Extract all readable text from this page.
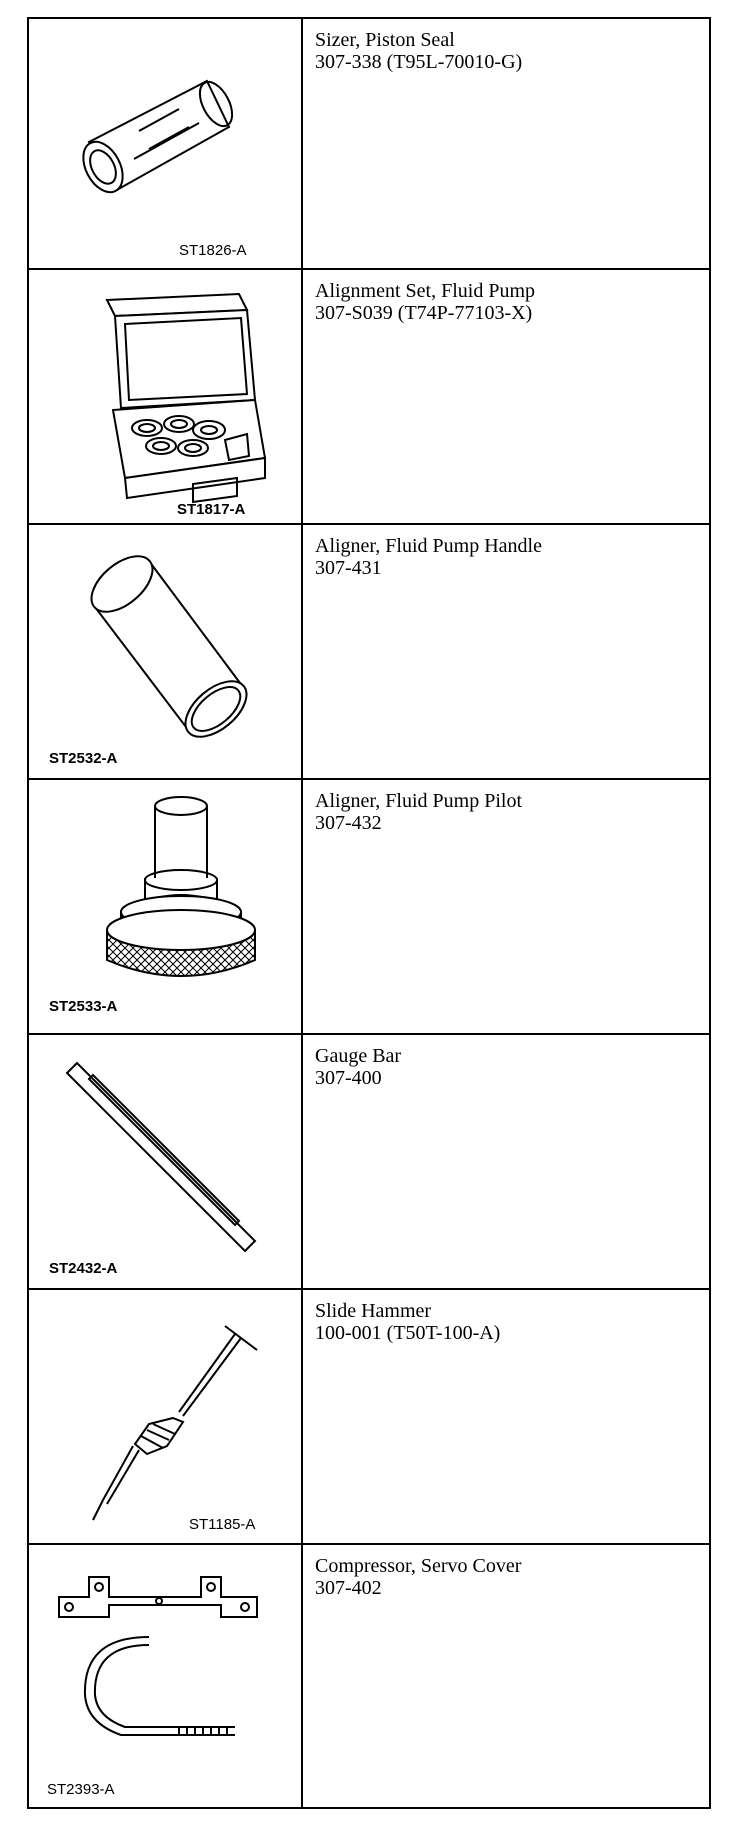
ST1826-A	Sizer, Piston Seal
307-338 (T95L-70010-G)

ST1817-A	Alignment Set, Fluid Pump
307-S039 (T74P-77103-X)

ST2532-A	Aligner, Fluid Pump Handle
307-431

ST2533-A	Aligner, Fluid Pump Pilot
307-432

ST2432-A	Gauge Bar
307-400

ST1185-A	Slide Hammer
100-001 (T50T-100-A)

ST2393-A	Compressor, Servo Cover
307-402
